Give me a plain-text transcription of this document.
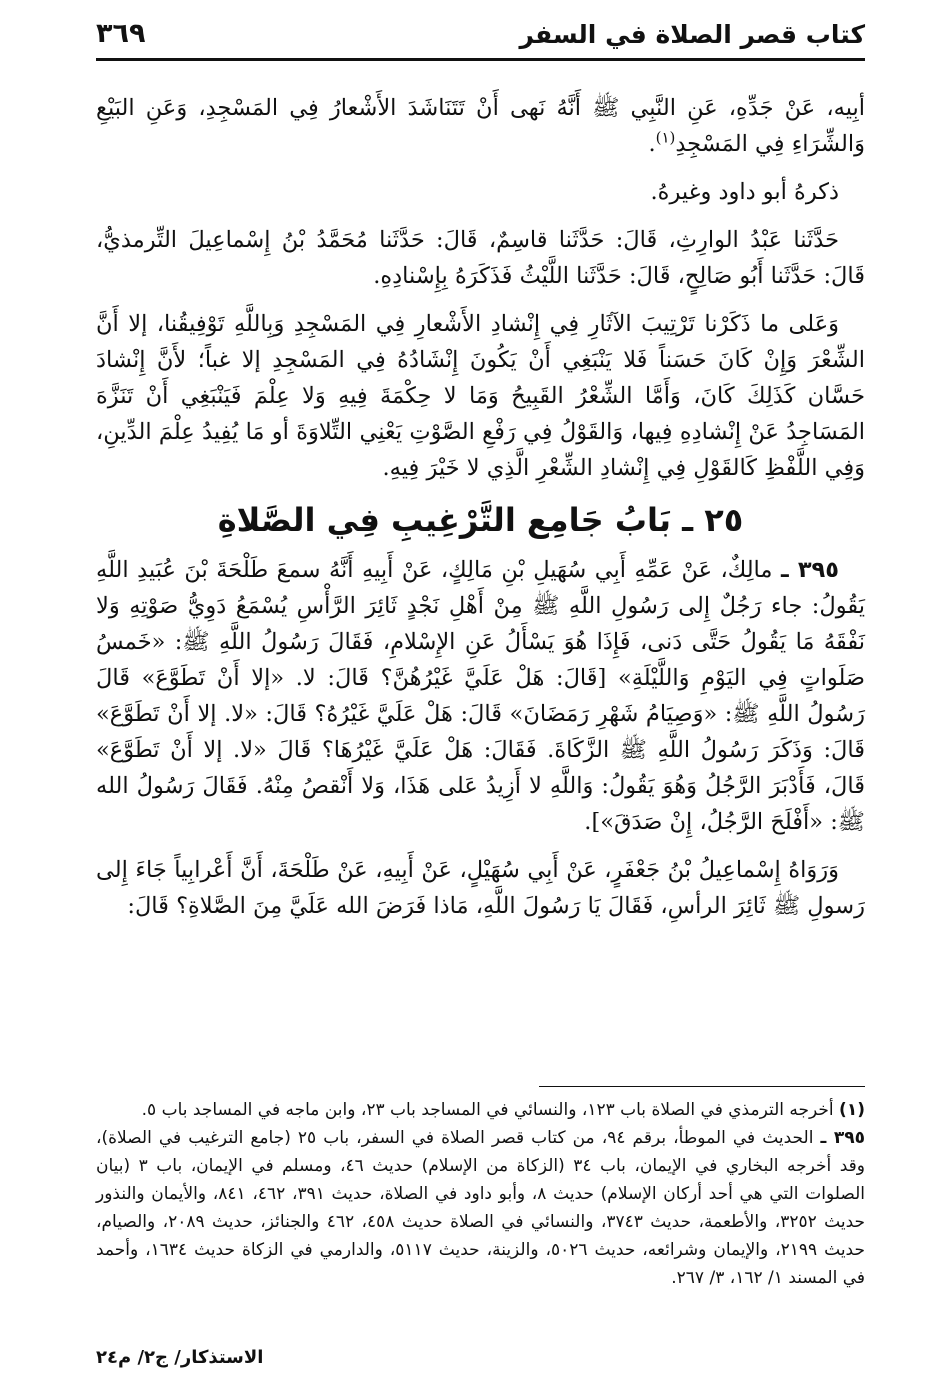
كتاب قصر الصلاة في السفر
٣٦٩

أبِيه، عَنْ جَدِّهِ، عَنِ النَّبِي ﷺ أَنَّهُ نَهى أَنْ تَتَنَاشَدَ الأَشْعارُ فِي المَسْجِدِ، وَعَنِ البَيْعِ وَالشِّرَاءِ فِي المَسْجِدِ$^{(١)}$.

ذكرهُ أبو داود وغيرهُ.

حَدَّثَنا عَبْدُ الوارِثِ، قَالَ: حَدَّثَنا قاسِمٌ، قَالَ: حَدَّثَنا مُحَمَّدُ بْنُ إِسْماعِيلَ التِّرمذيُّ، قَالَ: حَدَّثَنا أَبُو صَالِحٍ، قَالَ: حَدَّثَنا اللَّيْثُ فَذَكَرَهُ بِإِسْنادِهِ.

وَعَلى ما ذَكَرْنا تَرْتِيبَ الآثَارِ فِي إِنْشادِ الأَشْعارِ فِي المَسْجِدِ وَبِاللَّهِ تَوْفِيقُنا، إلا أَنَّ الشِّعْرَ وَإِنْ كَانَ حَسَناً فَلا يَنْبَغِي أَنْ يَكُونَ إِنْشَادُهُ فِي المَسْجِدِ إلا غباً؛ لأَنَّ إِنْشادَ حَسَّان كَذَلِكَ كَانَ، وَأَمَّا الشِّعْرُ القَبِيحُ وَمَا لا حِكْمَةَ فِيهِ وَلا عِلْمَ فَيَنْبَغِي أَنْ تَنَزَّهَ المَسَاجِدُ عَنْ إِنْشادِهِ فِيها، وَالقَوْلُ فِي رَفْعِ الصَّوْتِ يَعْنِي التِّلاوَةَ أو مَا يُفِيدُ عِلْمَ الدِّينِ، وَفِي اللَّفْظِ كَالقَوْلِ فِي إِنْشادِ الشِّعْرِ الَّذِي لا خَيْرَ فِيهِ.

٢٥ ـ بَابُ جَامِع التَّرْغِيبِ فِي الصَّلاةِ

٣٩٥ ـ مالِكٌ، عَنْ عَمِّهِ أَبِي سُهَيلِ بْنِ مَالِكٍ، عَنْ أَبِيهِ أَنَّهُ سمعَ طَلْحَةَ بْنَ عُبَيدِ اللَّهِ يَقُولُ: جاء رَجُلٌ إِلى رَسُولِ اللَّهِ ﷺ مِنْ أَهْلِ نَجْدٍ ثَائِرَ الرَّأْسِ يُسْمَعُ دَوِيُّ صَوْتِهِ وَلا نَفْقَهُ مَا يَقُولُ حَتَّى دَنى، فَإِذَا هُوَ يَسْأَلُ عَنِ الإِسْلامِ، فَقَالَ رَسُولُ اللَّهِ ﷺ: «خَمسُ صَلَواتٍ فِي اليَوْمِ وَاللَّيْلَةِ» [قَالَ: هَلْ عَلَيَّ غَيْرُهُنَّ؟ قَالَ: لا. «إلا أَنْ تَطَوَّعَ» قَالَ رَسُولُ اللَّهِ ﷺ: «وَصِيَامُ شَهْرِ رَمَضَانَ» قَالَ: هَلْ عَلَيَّ غَيْرُهُ؟ قَالَ: «لا. إلا أَنْ تَطَوَّعَ» قَالَ: وَذَكَرَ رَسُولُ اللَّهِ ﷺ الزَّكَاةَ. فَقَالَ: هَلْ عَلَيَّ غَيْرُهَا؟ قَالَ «لا. إلا أَنْ تَطَوَّعَ» قَالَ، فَأَدْبَرَ الرَّجُلُ وَهُوَ يَقُولُ: وَاللَّهِ لا أَزِيدُ عَلى هَذَا، وَلا أَنْقصُ مِنْهُ. فَقَالَ رَسُولُ الله ﷺ: «أَفْلَحَ الرَّجُلُ، إِنْ صَدَقَ»].

وَرَوَاهُ إِسْماعِيلُ بْنُ جَعْفَرٍ، عَنْ أَبِي سُهَيْلٍ، عَنْ أَبِيهِ، عَنْ طَلْحَةَ، أَنَّ أَعْرابِياً جَاءَ إِلى رَسولِ ﷺ ثَائِرَ الرأسِ، فَقَالَ يَا رَسُولَ اللَّهِ، مَاذا فَرَضَ الله عَلَيَّ مِنَ الصَّلاةِ؟ قَالَ:

(١) أخرجه الترمذي في الصلاة باب ١٢٣، والنسائي في المساجد باب ٢٣، وابن ماجه في المساجد باب ٥.

٣٩٥ ـ الحديث في الموطأ، برقم ٩٤، من كتاب قصر الصلاة في السفر، باب ٢٥ (جامع الترغيب في الصلاة)، وقد أخرجه البخاري في الإيمان، باب ٣٤ (الزكاة من الإسلام) حديث ٤٦، ومسلم في الإيمان، باب ٣ (بيان الصلوات التي هي أحد أركان الإسلام) حديث ٨، وأبو داود في الصلاة، حديث ٣٩١، ٤٦٢، ٨٤١، والأيمان والنذور حديث ٣٢٥٢، والأطعمة، حديث ٣٧٤٣، والنسائي في الصلاة حديث ٤٥٨، ٤٦٢ والجنائز، حديث ٢٠٨٩، والصيام، حديث ٢١٩٩، والإيمان وشرائعه، حديث ٥٠٢٦، والزينة، حديث ٥١١٧، والدارمي في الزكاة حديث ١٦٣٤، وأحمد في المسند ١/ ١٦٢، ٣/ ٢٦٧.

الاستذكار/ ج٢/ م٢٤
